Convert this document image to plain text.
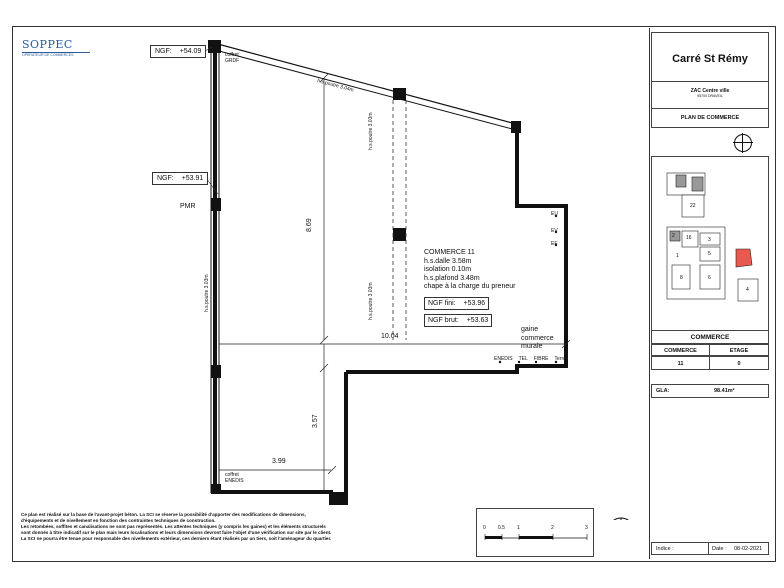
SOPPEC
OPÉRATEUR DE COMMERCES	NGF: +54.09
NGF: +53.91
PMR
coffret
GRDF
coffret
ENEDIS
h.s.poutre 3.04m
h.s.poutre 3.03m
h.s.poutre 3.03m
h.s.poutre 3.03m
8.69
10.04
3.57
3.99
COMMERCE 11
h.s.dalle 3.58m
isolation 0.10m
h.s.plafond 3.48m
chape à la charge du preneur
NGF fini: +53.96
NGF brut: +53.63
gaine
commerce
murale
ENEDIS TEL FIBRE Terre
EU
EV
EF
Ce plan est réalisé sur la base de l'avant-projet béton. La SCI se réserve la possibilité d'apporter des modifications de dimensions,
d'équipements et de nivellement en fonction des contraintes techniques de construction.
Les retombées, soffites et canalisations ne sont pas représentés. Les attentes techniques (y compris les gaines) et les éléments structurels
sont donnés à titre indicatif sur le plan mais leurs localisations et leurs dimensions devront faire l'objet d'une vérification sur site par le client.
La SCI ne pourra être tenue pour responsable des nivellements extérieur, ces derniers étant réalisés par un tiers, soit l'aménageur du quartier.
0 0.5 1	2	3
Carré St Rémy
ZAC Centre ville
95700 DRAVEIL
PLAN DE COMMERCE
22
2 16
1
3
5
8	6
4
COMMERCE
COMMERCE	ETAGE
11	0
GLA:	98.41m²
Indice :	Date : 08-02-2021
